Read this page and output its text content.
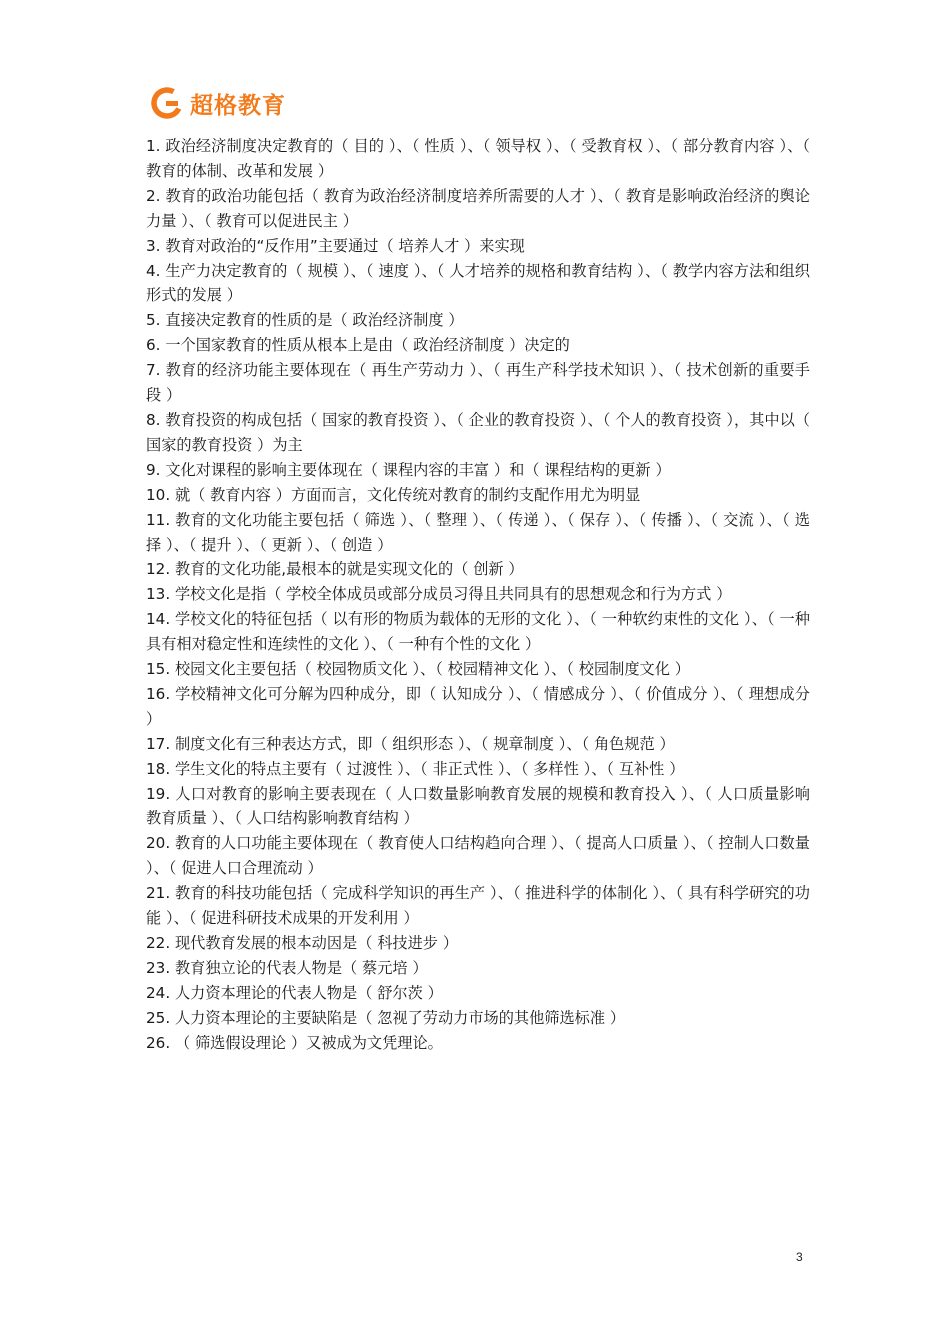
超格教育
1. 政治经济制度决定教育的（ 目的 ）、（ 性质 ）、（ 领导权 ）、（ 受教育权 ）、（ 部分教育内容 ）、（ 教育的体制、改革和发展 ）
2. 教育的政治功能包括（ 教育为政治经济制度培养所需要的人才 ）、（ 教育是影响政治经济的舆论力量 ）、（ 教育可以促进民主 ）
3. 教育对政治的“反作用”主要通过（ 培养人才 ）来实现
4. 生产力决定教育的（ 规模 ）、（ 速度 ）、（ 人才培养的规格和教育结构 ）、（ 教学内容方法和组织形式的发展 ）
5. 直接决定教育的性质的是（ 政治经济制度 ）
6. 一个国家教育的性质从根本上是由（ 政治经济制度 ）决定的
7. 教育的经济功能主要体现在（ 再生产劳动力 ）、（ 再生产科学技术知识 ）、（ 技术创新的重要手段 ）
8. 教育投资的构成包括（ 国家的教育投资 ）、（ 企业的教育投资 ）、（ 个人的教育投资 ），其中以（ 国家的教育投资 ）为主
9. 文化对课程的影响主要体现在（ 课程内容的丰富 ）和（ 课程结构的更新 ）
10. 就（ 教育内容 ）方面而言，文化传统对教育的制约支配作用尤为明显
11. 教育的文化功能主要包括（ 筛选 ）、（ 整理 ）、（ 传递 ）、（ 保存 ）、（ 传播 ）、（ 交流 ）、（ 选择 ）、（ 提升 ）、（ 更新 ）、（ 创造 ）
12. 教育的文化功能,最根本的就是实现文化的（ 创新 ）
13. 学校文化是指（ 学校全体成员或部分成员习得且共同具有的思想观念和行为方式 ）
14. 学校文化的特征包括（ 以有形的物质为载体的无形的文化 ）、（ 一种软约束性的文化 ）、（ 一种具有相对稳定性和连续性的文化 ）、（ 一种有个性的文化 ）
15. 校园文化主要包括（ 校园物质文化 ）、（ 校园精神文化 ）、（ 校园制度文化 ）
16. 学校精神文化可分解为四种成分，即（ 认知成分 ）、（ 情感成分 ）、（ 价值成分 ）、（ 理想成分 ）
17. 制度文化有三种表达方式，即（ 组织形态 ）、（ 规章制度 ）、（ 角色规范 ）
18. 学生文化的特点主要有（ 过渡性 ）、（ 非正式性 ）、（ 多样性 ）、（ 互补性 ）
19. 人口对教育的影响主要表现在（ 人口数量影响教育发展的规模和教育投入 ）、（ 人口质量影响教育质量 ）、（ 人口结构影响教育结构 ）
20. 教育的人口功能主要体现在（ 教育使人口结构趋向合理 ）、（ 提高人口质量 ）、（ 控制人口数量 ）、（ 促进人口合理流动 ）
21. 教育的科技功能包括（ 完成科学知识的再生产 ）、（ 推进科学的体制化 ）、（ 具有科学研究的功能 ）、（ 促进科研技术成果的开发利用 ）
22. 现代教育发展的根本动因是（ 科技进步 ）
23. 教育独立论的代表人物是（ 蔡元培 ）
24. 人力资本理论的代表人物是（ 舒尔茨 ）
25. 人力资本理论的主要缺陷是（ 忽视了劳动力市场的其他筛选标准 ）
26. （ 筛选假设理论 ）又被成为文凭理论。
3
